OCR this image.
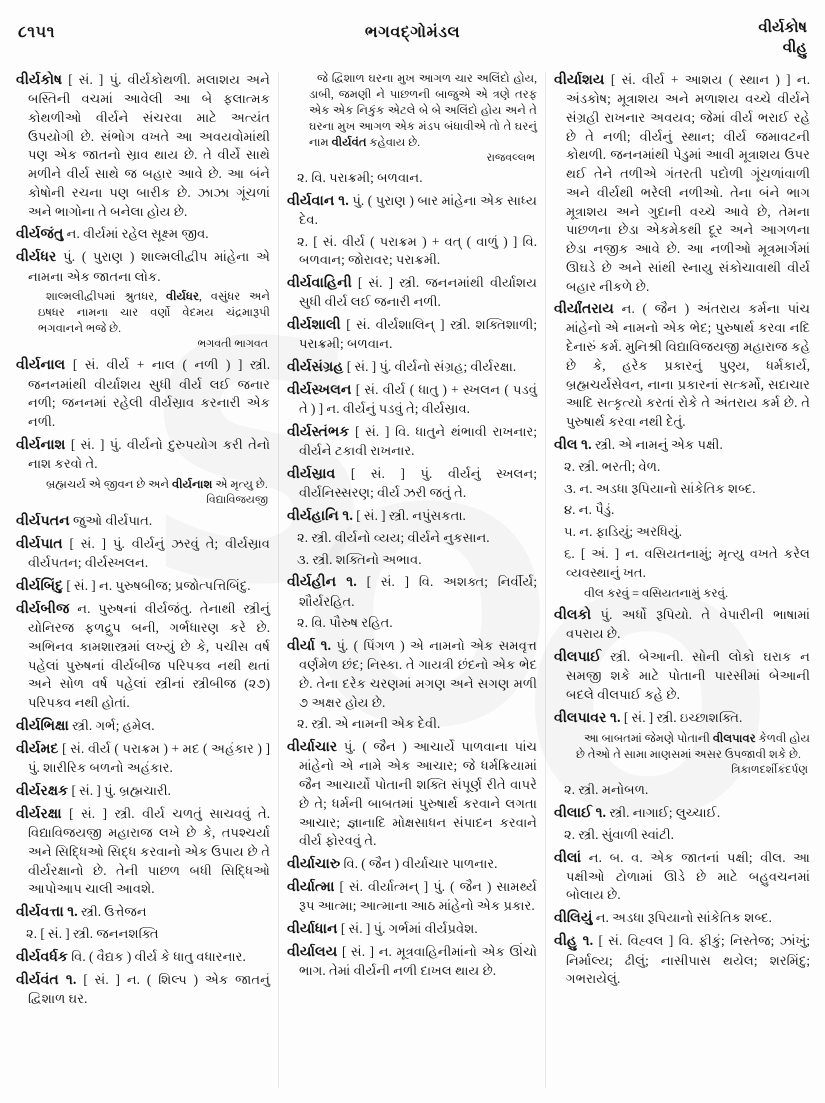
૮૧૫૧	ભગવદ્ગોમંડલ	વીર્યકોષ
વીહુ

વીર્યકોષ [ સં. ] પું. વીર્યકોથળી. મલાશય અને બસ્તિની વચમાં આવેલી આ બે ફલાત્મક કોથળીઓ વીર્યને સંચરવા માટે અત્યંત ઉપયોગી છે. સંભોગ વખતે આ અવયવોમાંથી પણ એક જાતનો સ્રાવ થાય છે. તે વીર્યે સાથે મળીને વીર્ય સાથે જ બહાર આવે છે. આ બંને કોષોની રચના પણ બારીક છે. ઝાઝા ગૂંચળાં અને ભાગોના તે બનેલા હોય છે.

વીર્યજંતુ ન. વીર્યમાં રહેલ સૂક્ષ્મ જીવ.

વીર્યધર પું. ( પુરાણ ) શાલ્મલીદ્વીપ માંહેના એ નામના એક જાતના લોક.

શાલ્મલીદ્વીપમાં શ્રુતધર, વીર્યધર, વસુંધર અને ઇષધર નામના ચાર વર્ણો વેદમય ચંદ્રમારૂપી ભગવાનને ભજે છે.
ભગવતી ભાગવત

વીર્યનાલ [ સં. વીર્ય + નાલ ( નળી ) ] સ્ત્રી. જનનમાંથી વીર્યાશય સુધી વીર્ય લઈ જનાર નળી; જનનમાં રહેલી વીર્યસ્રાવ કરનારી એક નળી.

વીર્યનાશ [ સં. ] પું. વીર્યનો દુરુપયોગ કરી તેનો નાશ કરવો તે.

બ્રહ્મચર્ય એ જીવન છે અને વીર્યનાશ એ મૃત્યુ છે.
વિદ્યાવિજયજી

વીર્યપતન જુઓ વીર્યપાત.

વીર્યપાત [ સં. ] પું. વીર્યનું ઝરવું તે; વીર્યસ્રાવ વીર્યપતન; વીર્યસ્ખલન.

વીર્યબિંદુ [ સં. ] ન. પુરુષબીજ; પ્રજોત્પત્તિબિંદુ.

વીર્યબીજ ન. પુરુષનાં વીર્યજંતુ. તેનાથી સ્ત્રીનું યોનિરજ ફળદ્રુપ બની, ગર્ભધારણ કરે છે. અભિનવ કામશાસ્ત્રમાં લખ્યું છે કે, પચીસ વર્ષ પહેલાં પુરુષનાં વીર્યબીજ પરિપક્વ નથી થતાં અને સોળ વર્ષ પહેલાં સ્ત્રીનાં સ્ત્રીબીજ (૨૭) પરિપક્વ નથી હોતાં.

વીર્યભિક્ષા સ્ત્રી. ગર્ભ; હમેલ.

વીર્યમદ [ સં. વીર્ય ( પરાક્રમ ) + મદ ( અહંકાર ) ] પું. શારીરિક બળનો અહંકાર.

વીર્યરક્ષક [ સં. ] પું. બ્રહ્મચારી.

વીર્યરક્ષા [ સં. ] સ્ત્રી. વીર્ય ચળતું સાચવવું તે. વિદ્યાવિજયજી મહારાજ લખે છે કે, તપશ્ચર્યા અને સિદ્ધિઓ સિદ્ધ કરવાનો એક ઉપાય છે તે વીર્યરક્ષાનો છે. તેની પાછળ બધી સિદ્ધિઓ આપોઆપ ચાલી આવશે.

વીર્યવત્તા ૧. સ્ત્રી. ઉત્તેજન

૨. [ સં. ] સ્ત્રી. જનનશક્તિ

વીર્યવર્ધક વિ. ( વૈદ્યક ) વીર્ય કે ધાતુ વધારનાર.

વીર્યવંત ૧. [ સં. ] ન. ( શિલ્પ ) એક જાતનું દ્વિશાળ ઘર.

જે દ્વિશાળ ઘરના મુખ આગળ ચાર અલિંદો હોય, ડાબી, જમણી ને પાછળની બાજુએ એ ત્રણે તરફ એક એક નિકુંક એટલે બે બે અલિંદો હોય અને તે ઘરના મુખ આગળ એક મંડપ બંધાવીએ તો તે ઘરનું નામ વીર્યવંત કહેવાય છે.
રાજવલ્લભ

૨. વિ. પરાક્રમી; બળવાન.

વીર્યવાન ૧. પું. ( પુરાણ ) બાર માંહેના એક સાધ્ય દેવ.

૨. [ સં. વીર્ય ( પરાક્રમ ) + વત્ ( વાળું ) ] વિ. બળવાન; જોરાવર; પરાક્રમી.

વીર્યવાહિની [ સં. ] સ્ત્રી. જનનમાંથી વીર્યાશય સુધી વીર્ય લઈ જનારી નળી.

વીર્યશાલી [ સં. વીર્યશાલિન્ ] સ્ત્રી. શક્તિશાળી; પરાક્રમી; બળવાન.

વીર્યસંગ્રહ [ સં. ] પું. વીર્યનો સંગ્રહ; વીર્યરક્ષા.

વીર્યસ્ખલન [ સં. વીર્ય ( ધાતુ ) + સ્ખલન ( પડવું તે ) ] ન. વીર્યનું પડવું તે; વીર્યસ્રાવ.

વીર્યસ્તંભક [ સં. ] વિ. ધાતુને થંભાવી રાખનાર; વીર્યને ટકાવી રાખનાર.

વીર્યસ્રાવ [ સં. ] પું. વીર્યનું સ્ખલન; વીર્યનિસ્સરણ; વીર્ય ઝરી જતું તે.

વીર્યહાનિ ૧. [ સં. ] સ્ત્રી. નપુંસકતા.

૨. સ્ત્રી. વીર્યનો વ્યય; વીર્યને નુકસાન.

૩. સ્ત્રી. શક્તિનો અભાવ.

વીર્યહીન ૧. [ સં. ] વિ. અશક્ત; નિર્વીર્ય; શૌર્યરહિત.

૨. વિ. પૌરુષ રહિત.

વીર્યા ૧. પું. ( પિંગળ ) એ નામનો એક સમવૃત્ત વર્ણમેળ છંદ; નિસ્કા. તે ગાયત્રી છંદનો એક ભેદ છે. તેના દરેક ચરણમાં મગણ અને સગણ મળી ૭ અક્ષર હોય છે.

૨. સ્ત્રી. એ નામની એક દેવી.

વીર્યાચાર પું. ( જૈન ) આચાર્યે પાળવાના પાંચ માંહેનો એ નામે એક આચાર; જે ધર્મક્રિયામાં જૈન આચાર્યો પોતાની શક્તિ સંપૂર્ણ રીતે વાપરે છે તે; ધર્મની બાબતમાં પુરુષાર્થ કરવાને લગતા આચાર; જ્ઞાનાદિ મોક્ષસાધન સંપાદન કરવાને વીર્ય ફોરવવું તે.

વીર્યાચારુ વિ. ( જૈન ) વીર્યાચાર પાળનાર.

વીર્યાત્મા [ સં. વીર્યાત્મન્ ] પું. ( જૈન ) સામર્થ્ય રૂપ આત્મા; આત્માના આઠ માંહેનો એક પ્રકાર.

વીર્યાધાન [ સં. ] પું. ગર્ભમાં વીર્યપ્રવેશ.

વીર્યાલય [ સં. ] ન. મૂત્રવાહિનીમાંનો એક ઊંચો ભાગ. તેમાં વીર્યની નળી દાખલ થાય છે.

વીર્યાશય [ સં. વીર્ય + આશય ( સ્થાન ) ] ન. અંડકોષ; મૂત્રાશય અને મળાશય વચ્ચે વીર્યને સંગ્રહી રાખનાર અવયવ; જેમાં વીર્ય ભરાઈ રહે છે તે નળી; વીર્યનું સ્થાન; વીર્ય જમાવટની કોથળી. જનનમાંથી પેડુમાં આવી મૂત્રાશય ઉપર થઈ તેને તળીએ ગંતરતી પદોળી ગૂંચળાંવાળી અને વીર્યથી ભરેલી નળીઓ. તેના બંને ભાગ મૂત્રાશય અને ગુદાની વચ્ચે આવે છે, તેમના પાછળના છેડા એકમેકથી દૂર અને આગળના છેડા નજીક આવે છે. આ નળીઓ મૂત્રમાર્ગમાં ઊઘડે છે અને સાંથી સ્નાયુ સંકોચાવાથી વીર્ય બહાર નીકળે છે.

વીર્યાંતરાય ન. ( જૈન ) અંતરાય કર્મના પાંચ માંહેનો એ નામનો એક ભેદ; પુરુષાર્થ કરવા નદિ દેનારું કર્મ. મુનિશ્રી વિદ્યાવિજયજી મહારાજ કહે છે કે, હરેક પ્રકારનું પુણ્ય, ધર્મકાર્ય, બ્રહ્મચર્યસેવન, નાના પ્રકારનાં સત્કર્મો, સદાચાર આદિ સત્કૃત્યો કરતાં રોકે તે અંતરાય કર્મ છે. તે પુરુષાર્થ કરવા નથી દેતું.

વીલ ૧. સ્ત્રી. એ નામનું એક પક્ષી.

૨. સ્ત્રી. ભરતી; વેળ.

૩. ન. અડધા રૂપિયાનો સાંકેતિક શબ્દ.

૪. ન. પૈડું.

૫. ન. ફાડિયું; અરધિયું.

૬. [ અં. ] ન. વસિયતનામું; મૃત્યુ વખતે કરેલ વ્યવસ્થાનું ખત.

વીલ કરવું = વસિયતનામું કરવું.

વીલકો પું. અર્ધો રૂપિયો. તે વેપારીની ભાષામાં વપરાય છે.

વીલપાઈ સ્ત્રી. બેઆની. સોની લોકો ઘરાક ન સમજી શકે માટે પોતાની પારસીમાં બેઆની બદલે વીલપાઈ કહે છે.

વીલપાવર ૧. [ સં. ] સ્ત્રી. ઇચ્છાશક્તિ.

આ બાબતમાં જેમણે પોતાની વીલપાવર કેળવી હોય છે તેઓ તે સામા માણસમાં અસર ઉપજાવી શકે છે.
ત્રિકાળદર્શીકંદર્પણ

૨. સ્ત્રી. મનોબળ.

વીલાઈ ૧. સ્ત્રી. નાગાઈ; લુચ્ચાઈ.

૨. સ્ત્રી. સુંવાળી સ્વાંટી.

વીલાં ન. બ. વ. એક જાતનાં પક્ષી; વીલ. આ પક્ષીઓ ટોળામાં ઊડે છે માટે બહુવચનમાં બોલાય છે.

વીલિયું ન. અડધા રૂપિયાનો સાંકેતિક શબ્દ.

વીહુ ૧. [ સં. વિહ્વલ ] વિ. ફીકું; નિસ્તેજ; ઝાંખું; નિર્માલ્ય; ઢીલું; નાસીપાસ થયેલ; શરમિંદુ; ગભરાયેલું.
